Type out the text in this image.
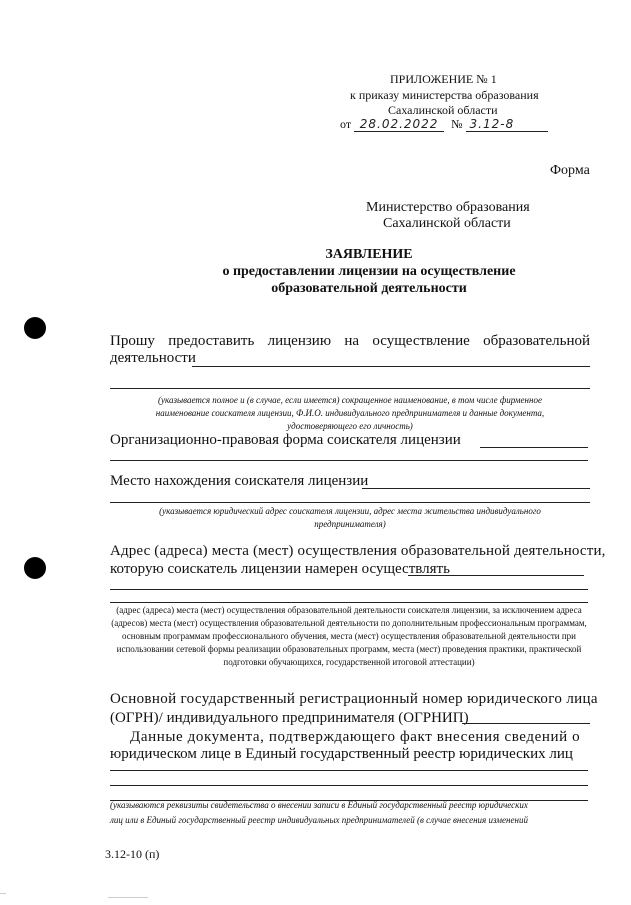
ПРИЛОЖЕНИЕ № 1
к приказу министерства образования
Сахалинской области
от 28.02.2022 № 3.12-8
Форма
Министерство образования
Сахалинской области
ЗАЯВЛЕНИЕ
о предоставлении лицензии на осуществление
образовательной деятельности
Прошу предоставить лицензию на осуществление образовательной
деятельности
(указывается полное и (в случае, если имеется) сокращенное наименование, в том числе фирменное
наименование соискателя лицензии, Ф.И.О. индивидуального предпринимателя и данные документа,
удостоверяющего его личность)
Организационно-правовая форма соискателя лицензии
Место нахождения соискателя лицензии
(указывается юридический адрес соискателя лицензии, адрес места жительства индивидуального
предпринимателя)
Адрес (адреса) места (мест) осуществления образовательной деятельности,
которую соискатель лицензии намерен осуществлять
(адрес (адреса) места (мест) осуществления образовательной деятельности соискателя лицензии, за исключением адреса (адресов) места (мест) осуществления образовательной деятельности по дополнительным профессиональным программам, основным программам профессионального обучения, места (мест) осуществления образовательной деятельности при использовании сетевой формы реализации образовательных программ, места (мест) проведения практики, практической подготовки обучающихся, государственной итоговой аттестации)
Основной государственный регистрационный номер юридического лица
(ОГРН)/ индивидуального предпринимателя (ОГРНИП)
Данные документа, подтверждающего факт внесения сведений о
юридическом лице в Единый государственный реестр юридических лиц
(указываются реквизиты свидетельства о внесении записи в Единый государственный реестр юридических
лиц или в Единый государственный реестр индивидуальных предпринимателей (в случае внесения изменений
3.12-10 (п)
